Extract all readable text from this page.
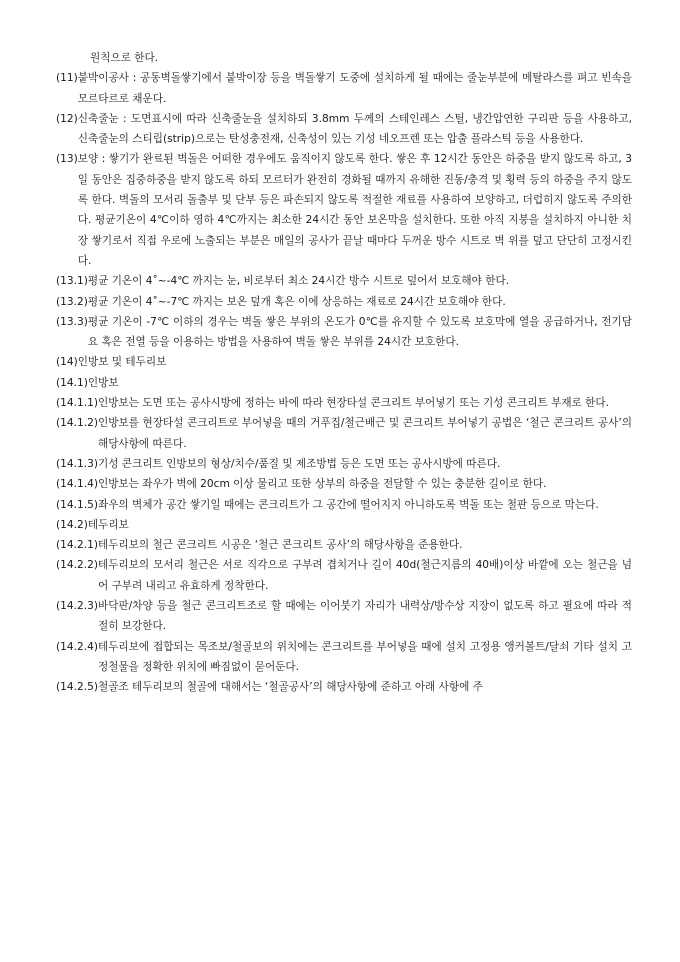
원칙으로 한다.

(11) 붙박이공사 : 공동벽돌쌓기에서 붙박이장 등을 벽돌쌓기 도중에 설치하게 될 때에는 줄눈부분에 메탈라스를 펴고 빈속을 모르타르로 채운다.
(12) 신축줄눈 : 도면표시에 따라 신축줄눈을 설치하되 3.8mm 두께의 스테인레스 스틸, 냉간압연한 구리판 등을 사용하고, 신축줄눈의 스티립(strip)으로는 탄성충전재, 신축성이 있는 기성 네오프렌 또는 압출 플라스틱 등을 사용한다.
(13) 보양 : 쌓기가 완료된 벽돌은 어떠한 경우에도 움직이지 않도록 한다. 쌓은 후 12시간 동안은 하중을 받지 않도록 하고, 3일 동안은 집중하중을 받지 않도록 하되 모르터가 완전히 경화될 때까지 유해한 진동/충격 및 횡력 등의 하중을 주지 않도록 한다. 벽돌의 모서리 돌출부 및 단부 등은 파손되지 않도록 적절한 재료를 사용하여 보양하고, 더럽히지 않도록 주의한다. 평균기온이 4℃이하 영하 4℃까지는 최소한 24시간 동안 보온막을 설치한다. 또한 아직 지붕을 설치하지 아니한 치장 쌓기로서 직접 우로에 노출되는 부분은 매일의 공사가 끝날 때마다 두꺼운 방수 시트로 벽 위를 덮고 단단히 고정시킨다.
(13.1) 평균 기온이 4˚~-4℃ 까지는 눈, 비로부터 최소 24시간 방수 시트로 덮어서 보호해야 한다.
(13.2) 평균 기온이 4˚~-7℃ 까지는 보온 덮개 혹은 이에 상응하는 재료로 24시간 보호해야 한다.
(13.3) 평균 기온이 -7℃ 이하의 경우는 벽돌 쌓은 부위의 온도가 0℃를 유지할 수 있도록 보호막에 열을 공급하거나, 전기담요 혹은 전열 등을 이용하는 방법을 사용하여 벽돌 쌓은 부위를 24시간 보호한다.
(14) 인방보 및 테두리보
(14.1) 인방보
(14.1.1) 인방보는 도면 또는 공사시방에 정하는 바에 따라 현장타설 콘크리트 부어넣기 또는 기성 콘크리트 부재로 한다.
(14.1.2) 인방보를 현장타설 콘크리트로 부어넣을 때의 거푸집/철근배근 및 콘크리트 부어넣기 공법은 ‘철근 콘크리트 공사’의 해당사항에 따른다.
(14.1.3) 기성 콘크리트 인방보의 형상/치수/품질 및 제조방법 등은 도면 또는 공사시방에 따른다.
(14.1.4) 인방보는 좌우가 벽에 20cm 이상 물리고 또한 상부의 하중을 전달할 수 있는 충분한 길이로 한다.
(14.1.5) 좌우의 벽체가 공간 쌓기일 때에는 콘크리트가 그 공간에 떨어지지 아니하도록 벽돌 또는 철판 등으로 막는다.
(14.2) 테두리보
(14.2.1) 테두리보의 철근 콘크리트 시공은 ‘철근 콘크리트 공사’의 해당사항을 준용한다.
(14.2.2) 테두리보의 모서리 철근은 서로 직각으로 구부려 겹치거나 길이 40d(철근지름의 40배)이상 바깥에 오는 철근을 넘어 구부려 내리고 유효하게 정착한다.
(14.2.3) 바닥판/차양 등을 철근 콘크리트조로 할 때에는 이어붓기 자리가 내력상/방수상 지장이 없도록 하고 필요에 따라 적절히 보강한다.
(14.2.4) 테두리보에 접합되는 목조보/철골보의 위치에는 콘크리트를 부어넣을 때에 설치 고정용 앵커볼트/달쇠 기타 설치 고정철물을 정확한 위치에 빠짐없이 묻어둔다.
(14.2.5) 철골조 테두리보의 철골에 대해서는 ‘철골공사’의 해당사항에 준하고 아래 사항에 주
